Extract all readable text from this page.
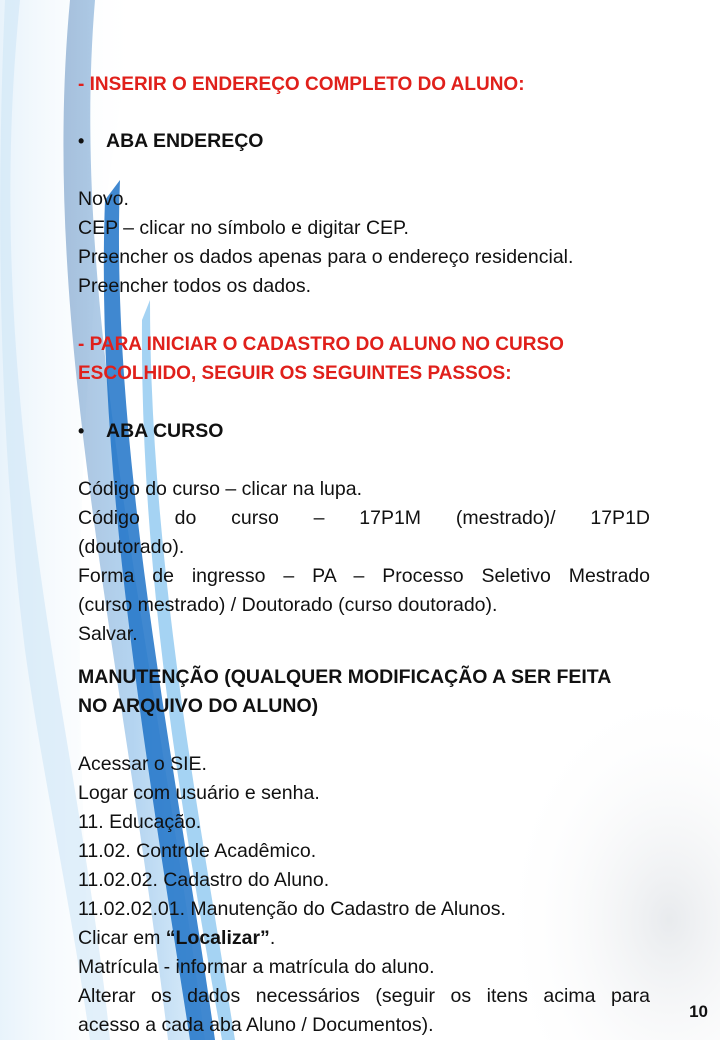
- INSERIR O ENDEREÇO COMPLETO DO ALUNO:
•	ABA ENDEREÇO
Novo.
CEP – clicar no símbolo e digitar CEP.
Preencher os dados apenas para o endereço residencial.
Preencher todos os dados.
- PARA INICIAR O CADASTRO DO ALUNO NO CURSO
ESCOLHIDO, SEGUIR OS SEGUINTES PASSOS:
•	ABA CURSO
Código do curso – clicar na lupa.
Código do curso – 17P1M (mestrado)/ 17P1D
(doutorado).
Forma de ingresso – PA – Processo Seletivo Mestrado
(curso mestrado) / Doutorado (curso doutorado).
Salvar.
MANUTENÇÃO (QUALQUER MODIFICAÇÃO A SER FEITA
NO ARQUIVO DO ALUNO)
Acessar o SIE.
Logar com usuário e senha.
11. Educação.
11.02. Controle Acadêmico.
11.02.02. Cadastro do Aluno.
11.02.02.01. Manutenção do Cadastro de Alunos.
Clicar em “Localizar”.
Matrícula - informar a matrícula do aluno.
Alterar os dados necessários (seguir os itens acima para
acesso a cada aba Aluno / Documentos).
10
